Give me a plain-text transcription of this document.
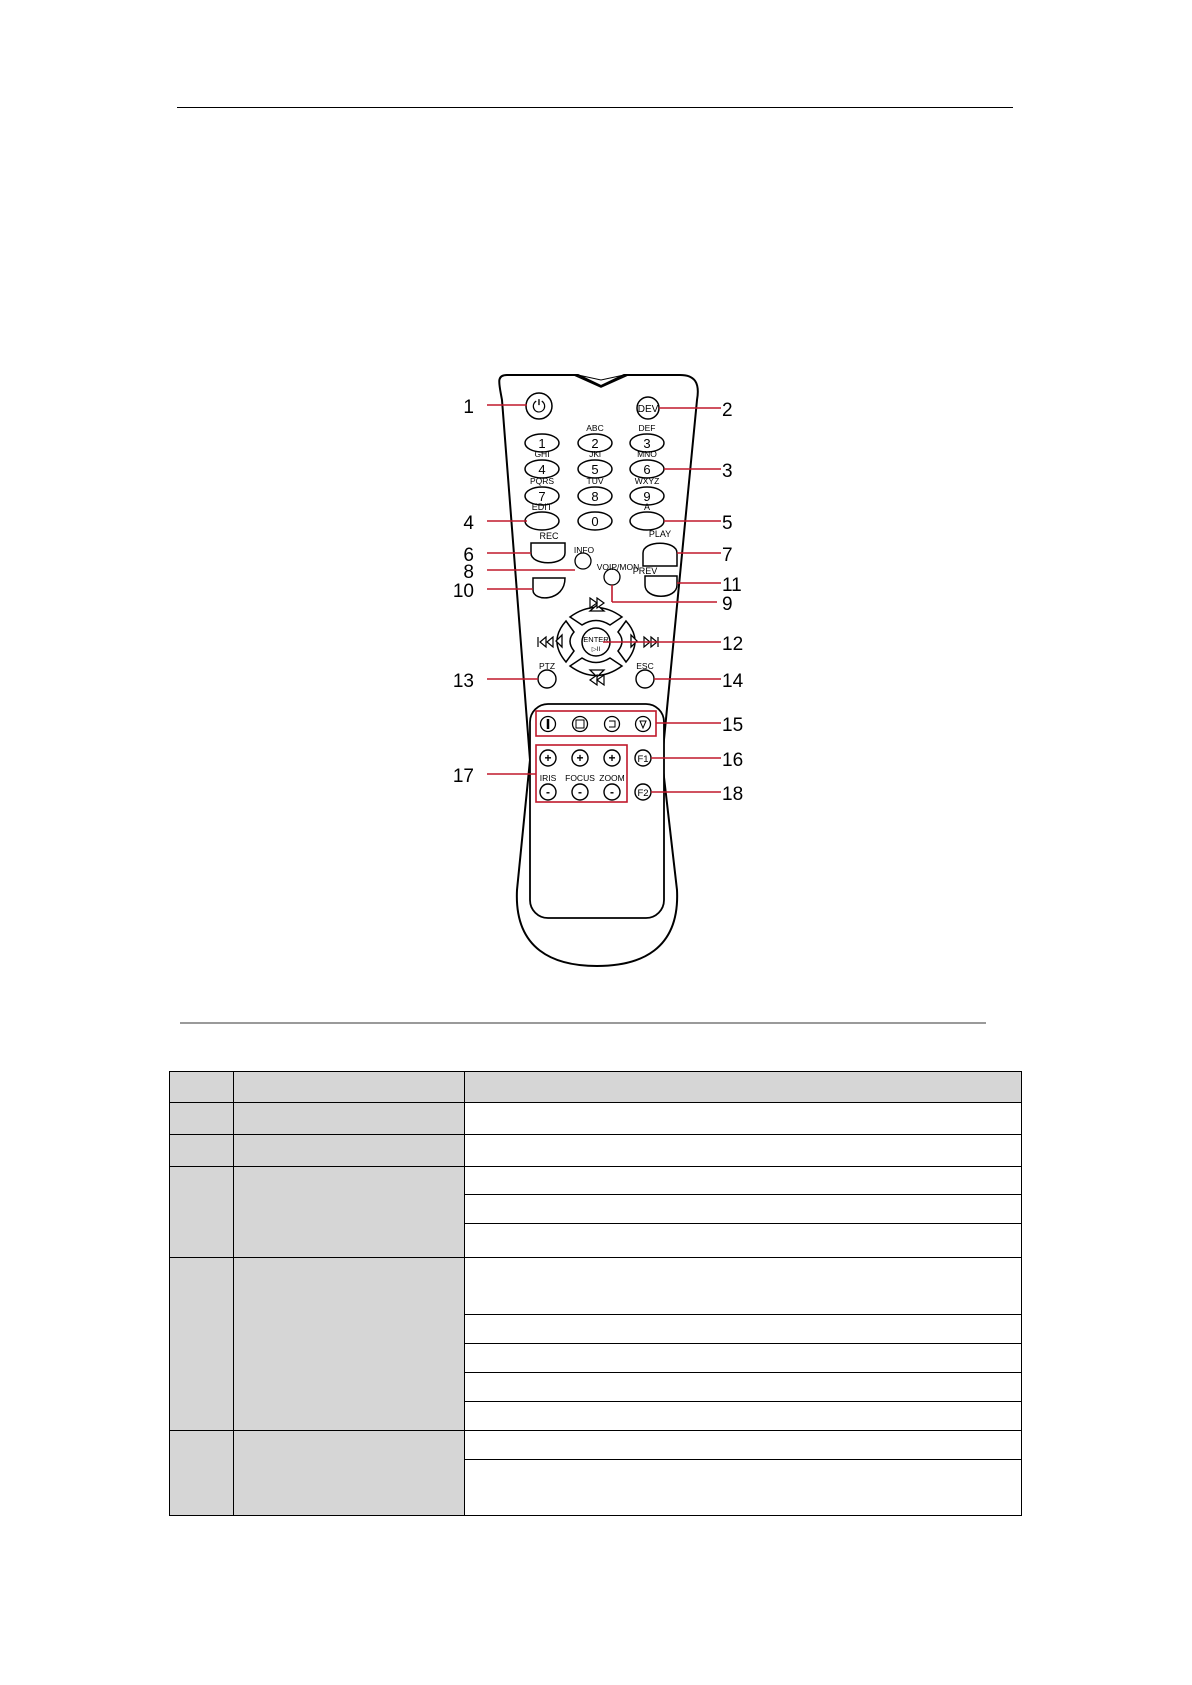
⏻	DEV
1	2
ABC
3
DEF
4
GHI
5
JKl
6
MNO
7
PQRS
8
TUV
9
WXYZ
EDIT
0
A
REC	PLAY
INFO
VOIP/MON
PREV
ENTER
▷II
PTZ	ESC
+
-
+
-
+
-
IRIS FOCUS ZOOM
F1
F2
1	2
3
4	5
6	7
8
9
10	11
12
13	14
15
16
17
18
